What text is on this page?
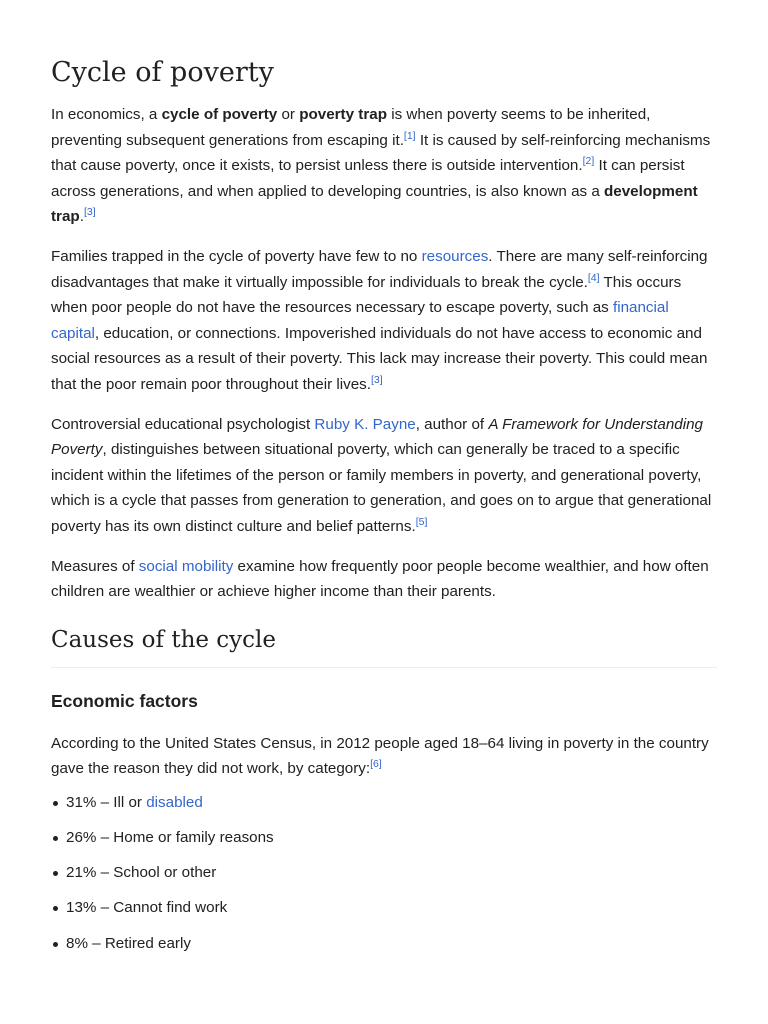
Cycle of poverty

In economics, a cycle of poverty or poverty trap is when poverty seems to be inherited, preventing subsequent generations from escaping it.[1] It is caused by self-reinforcing mechanisms that cause poverty, once it exists, to persist unless there is outside intervention.[2] It can persist across generations, and when applied to developing countries, is also known as a development trap.[3]

Families trapped in the cycle of poverty have few to no resources. There are many self-reinforcing disadvantages that make it virtually impossible for individuals to break the cycle.[4] This occurs when poor people do not have the resources necessary to escape poverty, such as financial capital, education, or connections. Impoverished individuals do not have access to economic and social resources as a result of their poverty. This lack may increase their poverty. This could mean that the poor remain poor throughout their lives.[3]

Controversial educational psychologist Ruby K. Payne, author of A Framework for Understanding Poverty, distinguishes between situational poverty, which can generally be traced to a specific incident within the lifetimes of the person or family members in poverty, and generational poverty, which is a cycle that passes from generation to generation, and goes on to argue that generational poverty has its own distinct culture and belief patterns.[5]

Measures of social mobility examine how frequently poor people become wealthier, and how often children are wealthier or achieve higher income than their parents.

Causes of the cycle
Economic factors

According to the United States Census, in 2012 people aged 18–64 living in poverty in the country gave the reason they did not work, by category:[6]

31% – Ill or disabled
26% – Home or family reasons
21% – School or other
13% – Cannot find work
8% – Retired early
